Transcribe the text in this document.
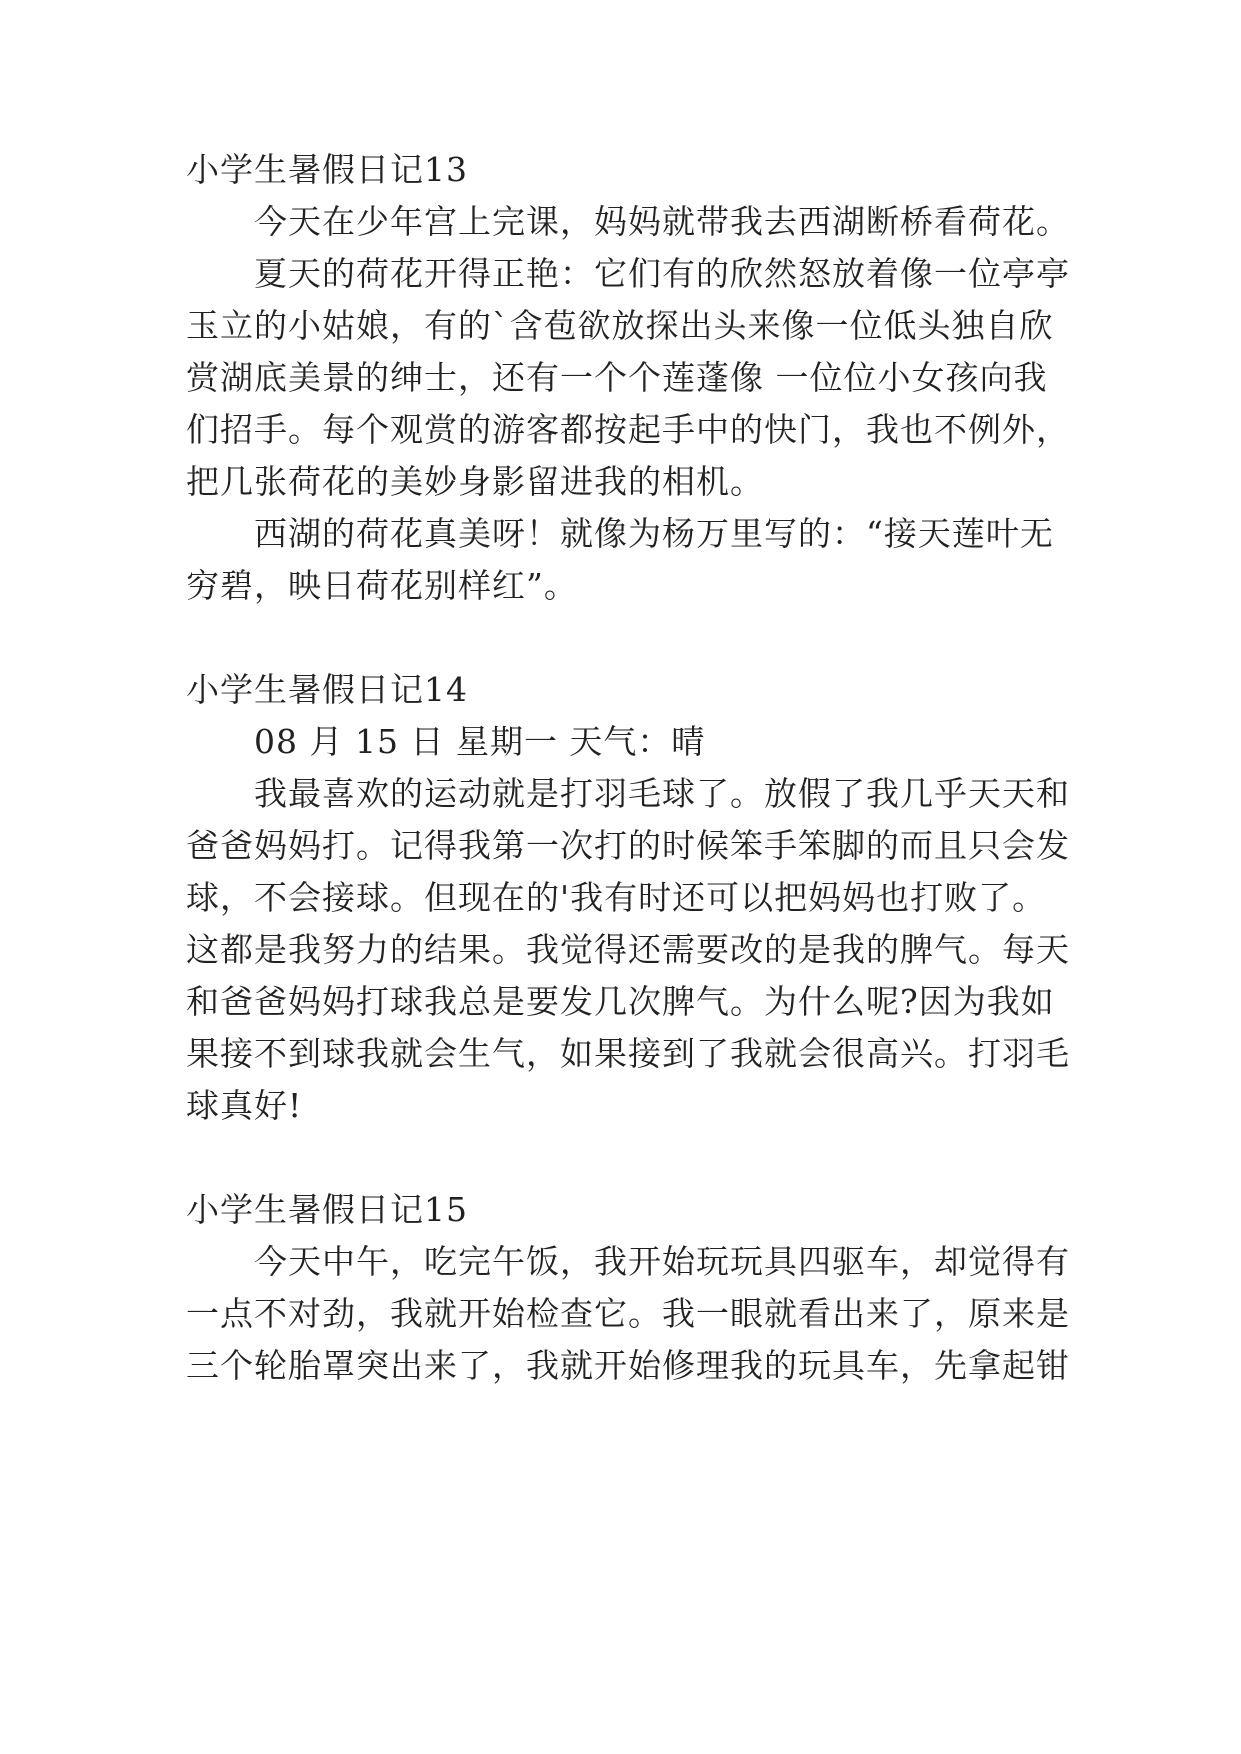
小学生暑假日记13
今天在少年宫上完课，妈妈就带我去西湖断桥看荷花。
夏天的荷花开得正艳：它们有的欣然怒放着像一位亭亭
玉立的小姑娘，有的`含苞欲放探出头来像一位低头独自欣
赏湖底美景的绅士，还有一个个莲蓬像 一位位小女孩向我
们招手。每个观赏的游客都按起手中的快门，我也不例外，
把几张荷花的美妙身影留进我的相机。
西湖的荷花真美呀！就像为杨万里写的：“接天莲叶无
穷碧，映日荷花别样红”。
小学生暑假日记14
08 月 15 日 星期一 天气：晴
我最喜欢的运动就是打羽毛球了。放假了我几乎天天和
爸爸妈妈打。记得我第一次打的时候笨手笨脚的而且只会发
球，不会接球。但现在的'我有时还可以把妈妈也打败了。
这都是我努力的结果。我觉得还需要改的是我的脾气。每天
和爸爸妈妈打球我总是要发几次脾气。为什么呢?因为我如
果接不到球我就会生气，如果接到了我就会很高兴。打羽毛
球真好!
小学生暑假日记15
今天中午，吃完午饭，我开始玩玩具四驱车，却觉得有
一点不对劲，我就开始检查它。我一眼就看出来了，原来是
三个轮胎罩突出来了，我就开始修理我的玩具车，先拿起钳
